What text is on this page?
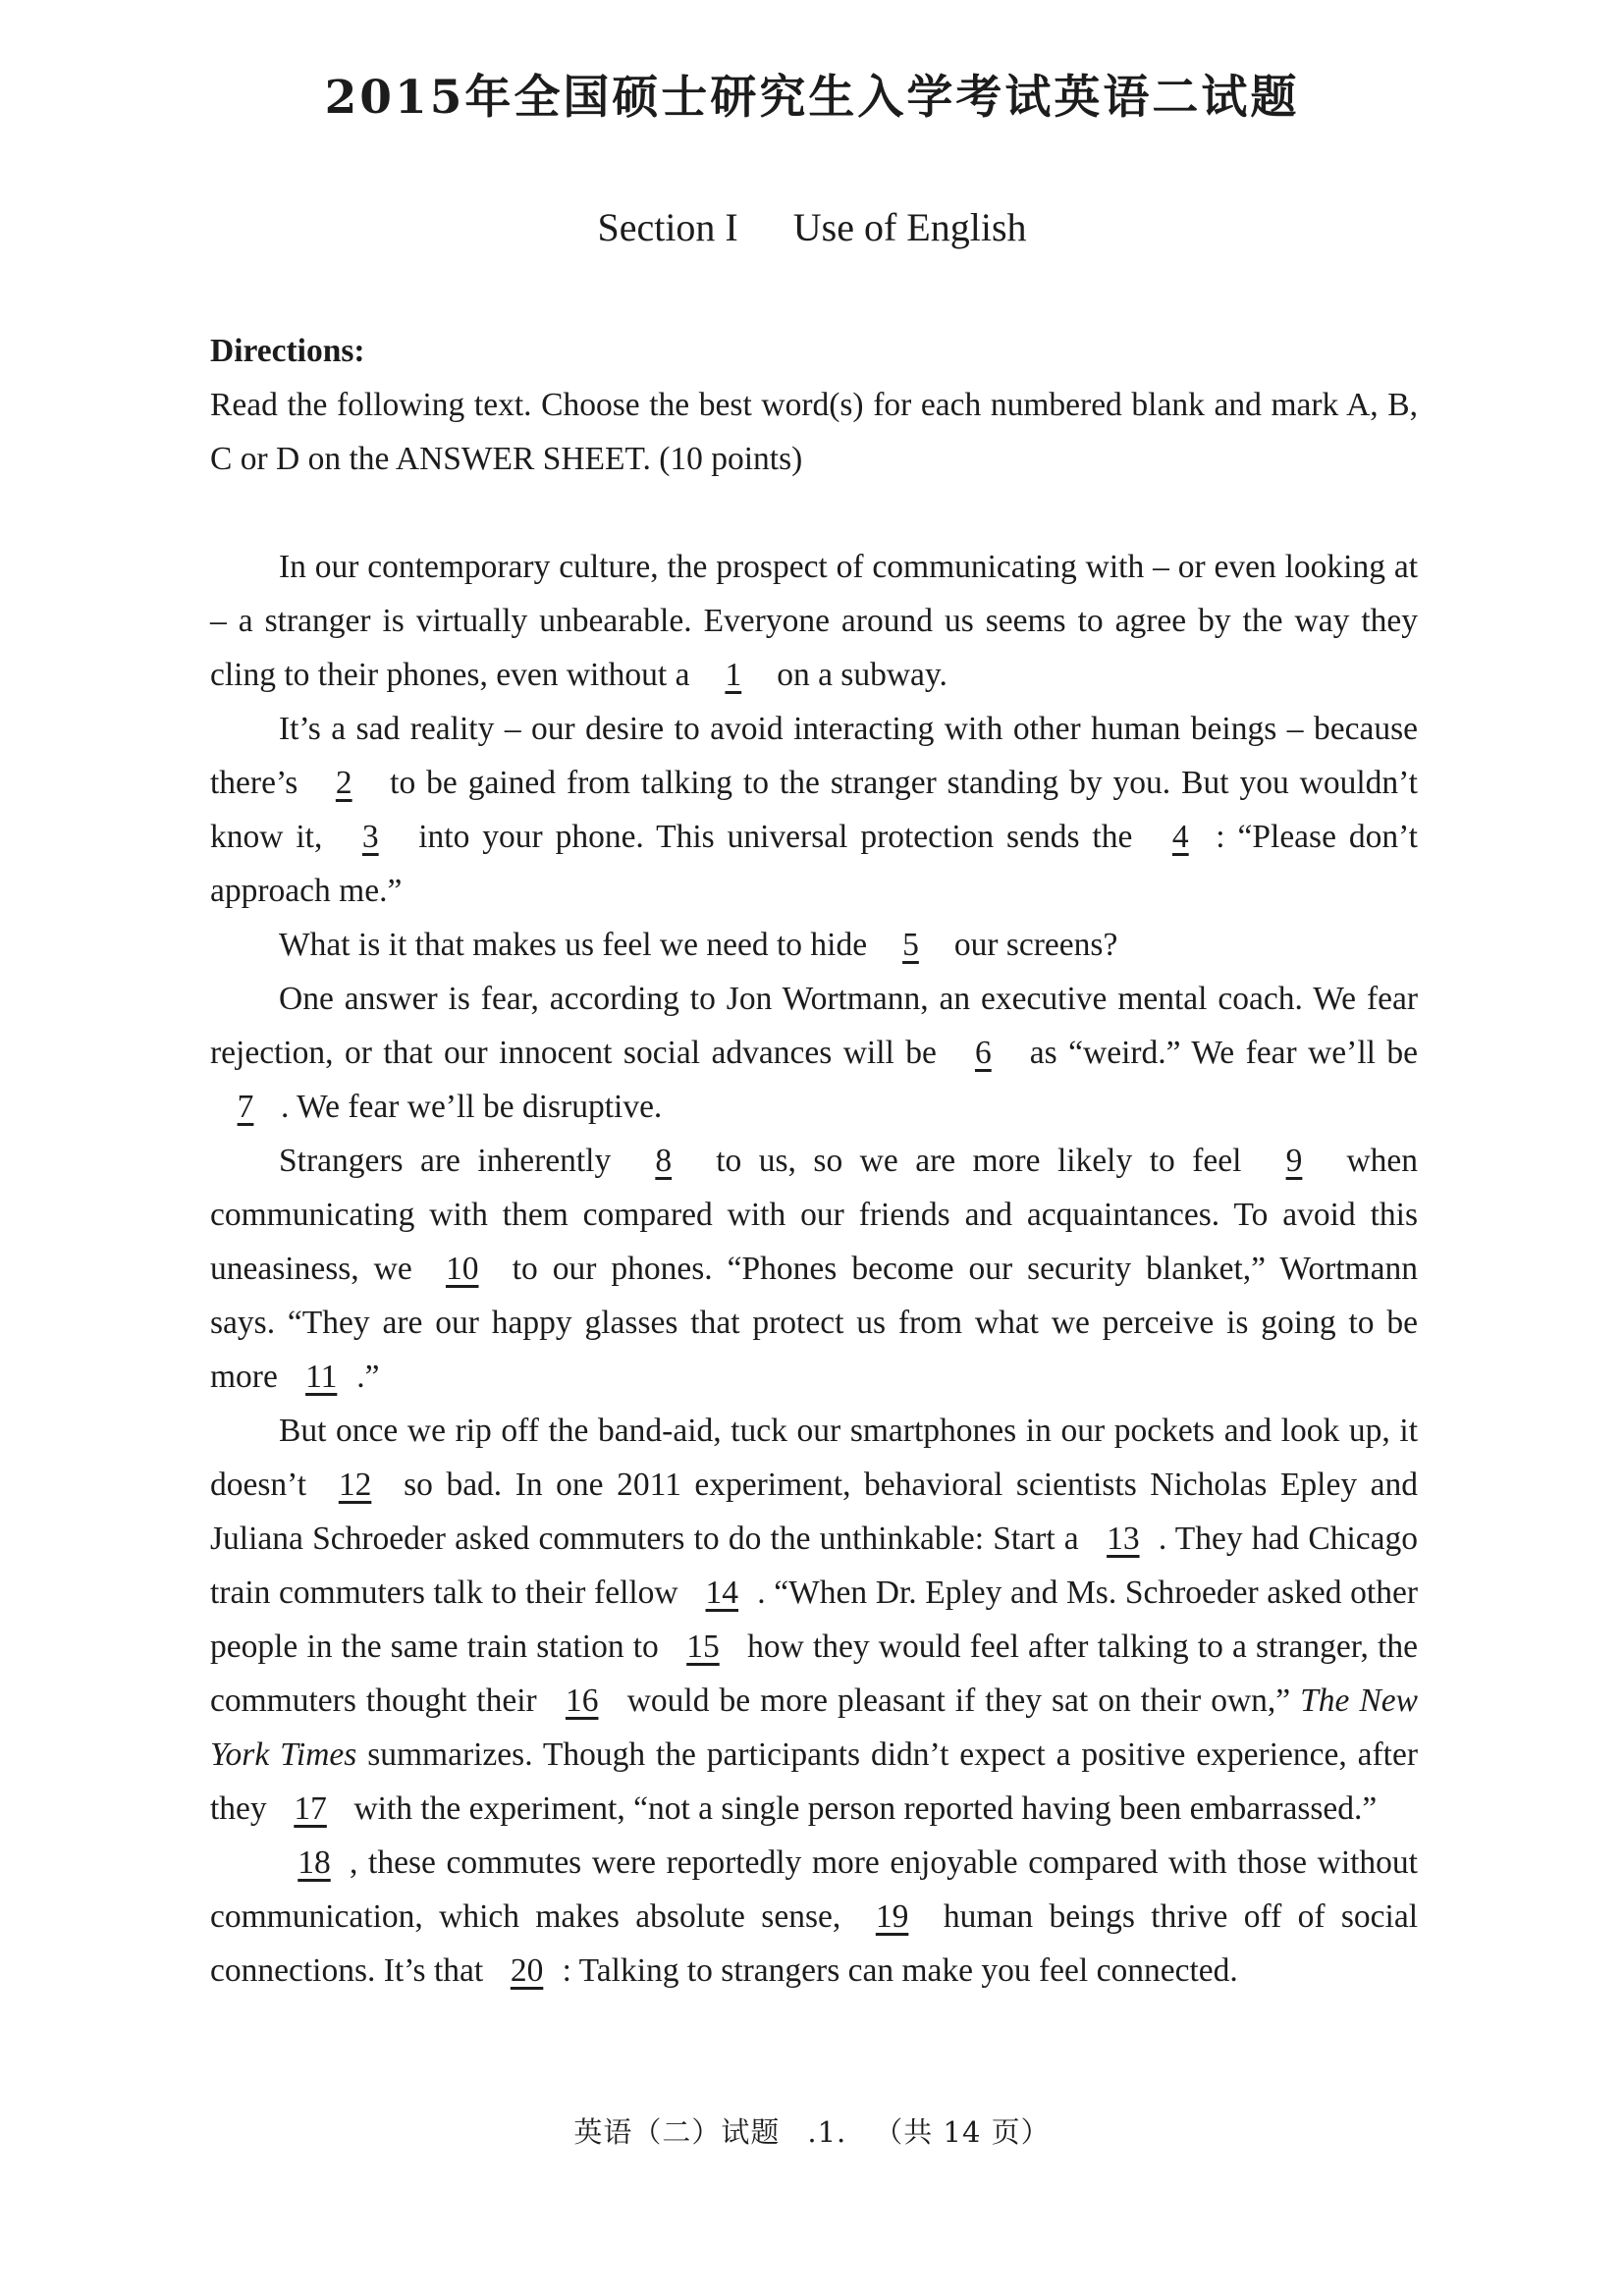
2015年全国硕士研究生入学考试英语二试题
Section I Use of English
Directions:
Read the following text. Choose the best word(s) for each numbered blank and mark A, B, C or D on the ANSWER SHEET. (10 points)

In our contemporary culture, the prospect of communicating with – or even looking at – a stranger is virtually unbearable. Everyone around us seems to agree by the way they cling to their phones, even without a 1 on a subway.

It’s a sad reality – our desire to avoid interacting with other human beings – because there’s 2 to be gained from talking to the stranger standing by you. But you wouldn’t know it, 3 into your phone. This universal protection sends the 4 : “Please don’t approach me.”

What is it that makes us feel we need to hide 5 our screens?

One answer is fear, according to Jon Wortmann, an executive mental coach. We fear rejection, or that our innocent social advances will be 6 as “weird.” We fear we’ll be 7 . We fear we’ll be disruptive.

Strangers are inherently 8 to us, so we are more likely to feel 9 when communicating with them compared with our friends and acquaintances. To avoid this uneasiness, we 10 to our phones. “Phones become our security blanket,” Wortmann says. “They are our happy glasses that protect us from what we perceive is going to be more 11 .”

But once we rip off the band-aid, tuck our smartphones in our pockets and look up, it doesn’t 12 so bad. In one 2011 experiment, behavioral scientists Nicholas Epley and Juliana Schroeder asked commuters to do the unthinkable: Start a 13 . They had Chicago train commuters talk to their fellow 14 . “When Dr. Epley and Ms. Schroeder asked other people in the same train station to 15 how they would feel after talking to a stranger, the commuters thought their 16 would be more pleasant if they sat on their own,” The New York Times summarizes. Though the participants didn’t expect a positive experience, after they 17 with the experiment, “not a single person reported having been embarrassed.”

18 , these commutes were reportedly more enjoyable compared with those without communication, which makes absolute sense, 19 human beings thrive off of social connections. It’s that 20 : Talking to strangers can make you feel connected.

英语（二）试题 .1. （共 14 页）
